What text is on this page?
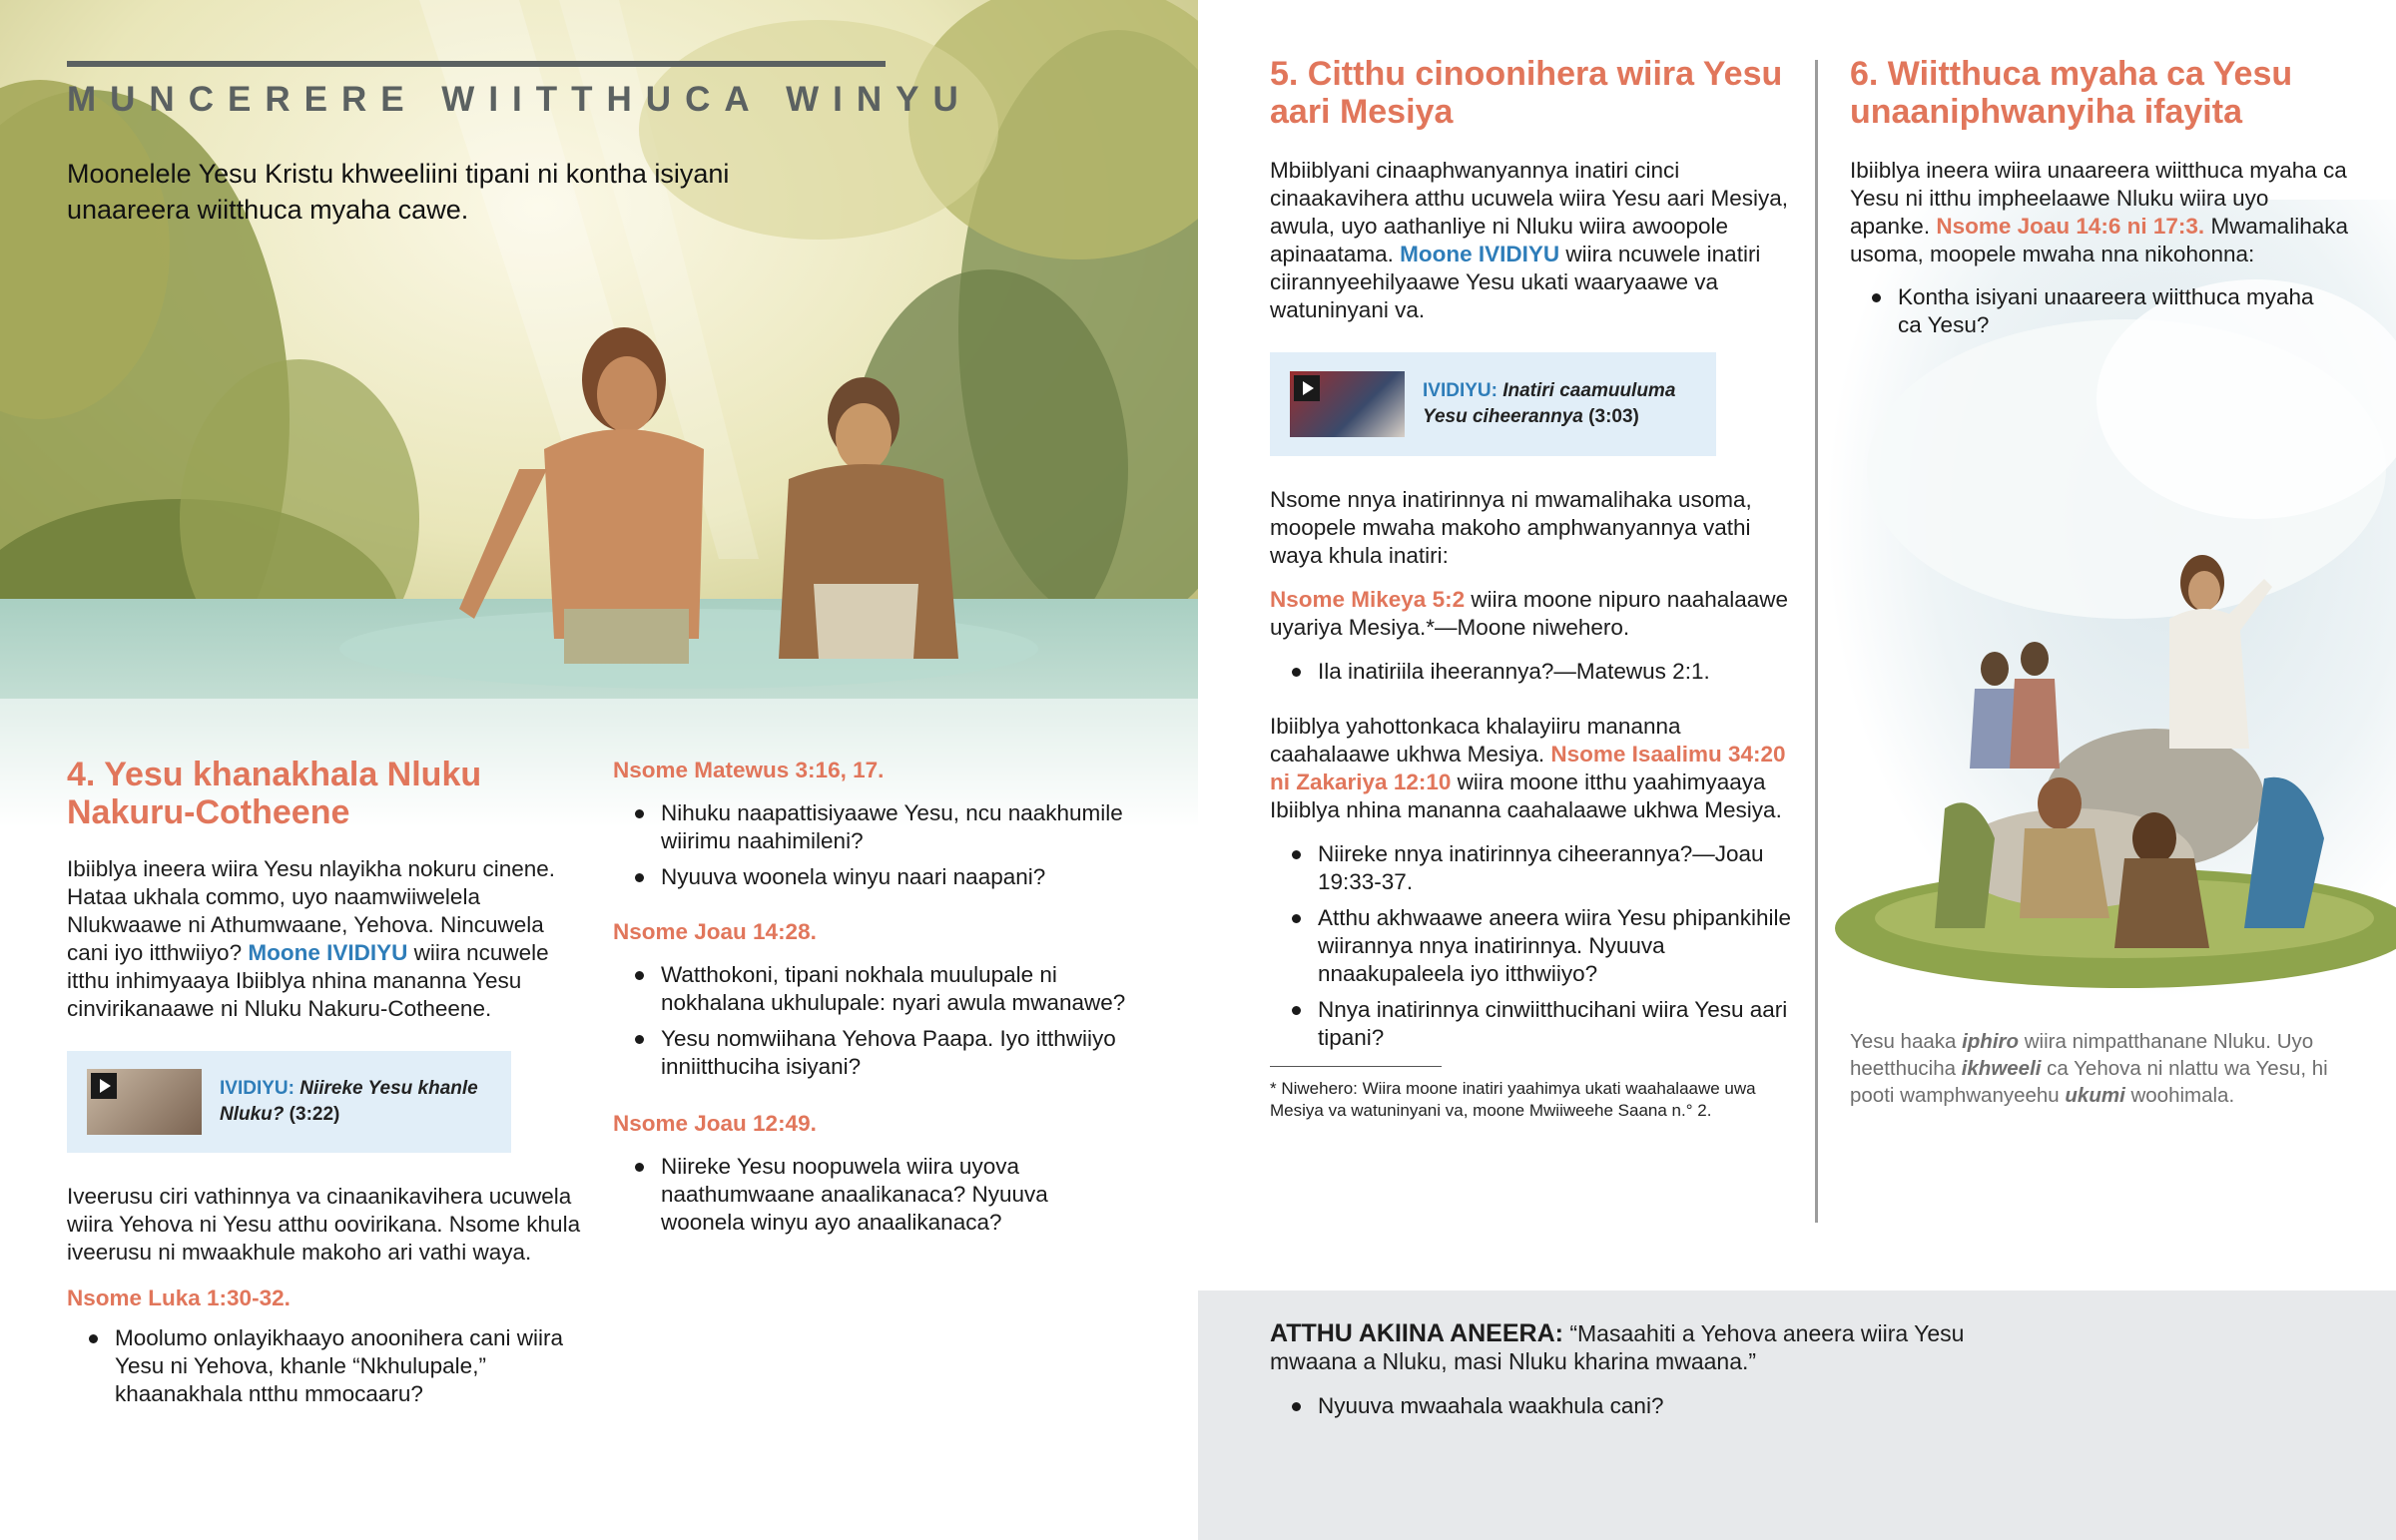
MUNCERERE WIITTHUCA WINYU
Moonelele Yesu Kristu khweeliini tipani ni kontha isiyani unaareera wiitthuca myaha cawe.
4. Yesu khanakhala Nluku Nakuru-Cotheene
Ibiiblya ineera wiira Yesu nlayikha nokuru cinene. Hataa ukhala commo, uyo naamwiiwelela Nlukwaawe ni Athumwaane, Yehova. Nincuwela cani iyo itthwiiyo? Moone IVIDIYU wiira ncuwele itthu inhimyaaya Ibiiblya nhina mananna Yesu cinvirikanaawe ni Nluku Nakuru-Cotheene.
IVIDIYU: Niireke Yesu khanle Nluku? (3:22)
Iveerusu ciri vathinnya va cinaanikavihera ucuwela wiira Yehova ni Yesu atthu oovirikana. Nsome khula iveerusu ni mwaakhule makoho ari vathi waya.
Nsome Luka 1:30-32.
Moolumo onlayikhaayo anoonihera cani wiira Yesu ni Yehova, khanle “Nkhulupale,” khaanakhala ntthu mmocaaru?
Nsome Matewus 3:16, 17.
Nihuku naapattisiyaawe Yesu, ncu naakhumile wiirimu naahimileni?
Nyuuva woonela winyu naari naapani?
Nsome Joau 14:28.
Watthokoni, tipani nokhala muulupale ni nokhalana ukhulupale: nyari awula mwanawe?
Yesu nomwiihana Yehova Paapa. Iyo itthwiiyo inniitthuciha isiyani?
Nsome Joau 12:49.
Niireke Yesu noopuwela wiira uyova naathumwaane anaalikanaca? Nyuuva woonela winyu ayo anaalikanaca?
5. Citthu cinoonihera wiira Yesu aari Mesiya
Mbiiblyani cinaaphwanyannya inatiri cinci cinaakavihera atthu ucuwela wiira Yesu aari Mesiya, awula, uyo aathanliye ni Nluku wiira awoopole apinaatama. Moone IVIDIYU wiira ncuwele inatiri ciirannyeehilyaawe Yesu ukati waaryaawe va watuninyani va.
IVIDIYU: Inatiri caamuuluma Yesu ciheerannya (3:03)
Nsome nnya inatirinnya ni mwamalihaka usoma, moopele mwaha makoho amphwanyannya vathi waya khula inatiri:
Nsome Mikeya 5:2 wiira moone nipuro naahalaawe uyariya Mesiya.*—Moone niwehero.
Ila inatiriila iheerannya?—Matewus 2:1.
Ibiiblya yahottonkaca khalayiiru mananna caahalaawe ukhwa Mesiya. Nsome Isaalimu 34:20 ni Zakariya 12:10 wiira moone itthu yaahimyaaya Ibiiblya nhina mananna caahalaawe ukhwa Mesiya.
Niireke nnya inatirinnya ciheerannya?—Joau 19:33-37.
Atthu akhwaawe aneera wiira Yesu phipankihile wiirannya nnya inatirinnya. Nyuuva nnaakupaleela iyo itthwiiyo?
Nnya inatirinnya cinwiitthucihani wiira Yesu aari tipani?
* Niwehero: Wiira moone inatiri yaahimya ukati waahalaawe uwa Mesiya va watuninyani va, moone Mwiiweehe Saana n.° 2.
6. Wiitthuca myaha ca Yesu unaaniphwanyiha ifayita
Ibiiblya ineera wiira unaareera wiitthuca myaha ca Yesu ni itthu impheelaawe Nluku wiira uyo apanke. Nsome Joau 14:6 ni 17:3. Mwamalihaka usoma, moopele mwaha nna nikohonna:
Kontha isiyani unaareera wiitthuca myaha ca Yesu?
Yesu haaka iphiro wiira nimpatthanane Nluku. Uyo heetthuciha ikhweeli ca Yehova ni nlattu wa Yesu, hi pooti wamphwanyeehu ukumi woohimala.
ATTHU AKIINA ANEERA: “Masaahiti a Yehova aneera wiira Yesu mwaana a Nluku, masi Nluku kharina mwaana.”
Nyuuva mwaahala waakhula cani?
